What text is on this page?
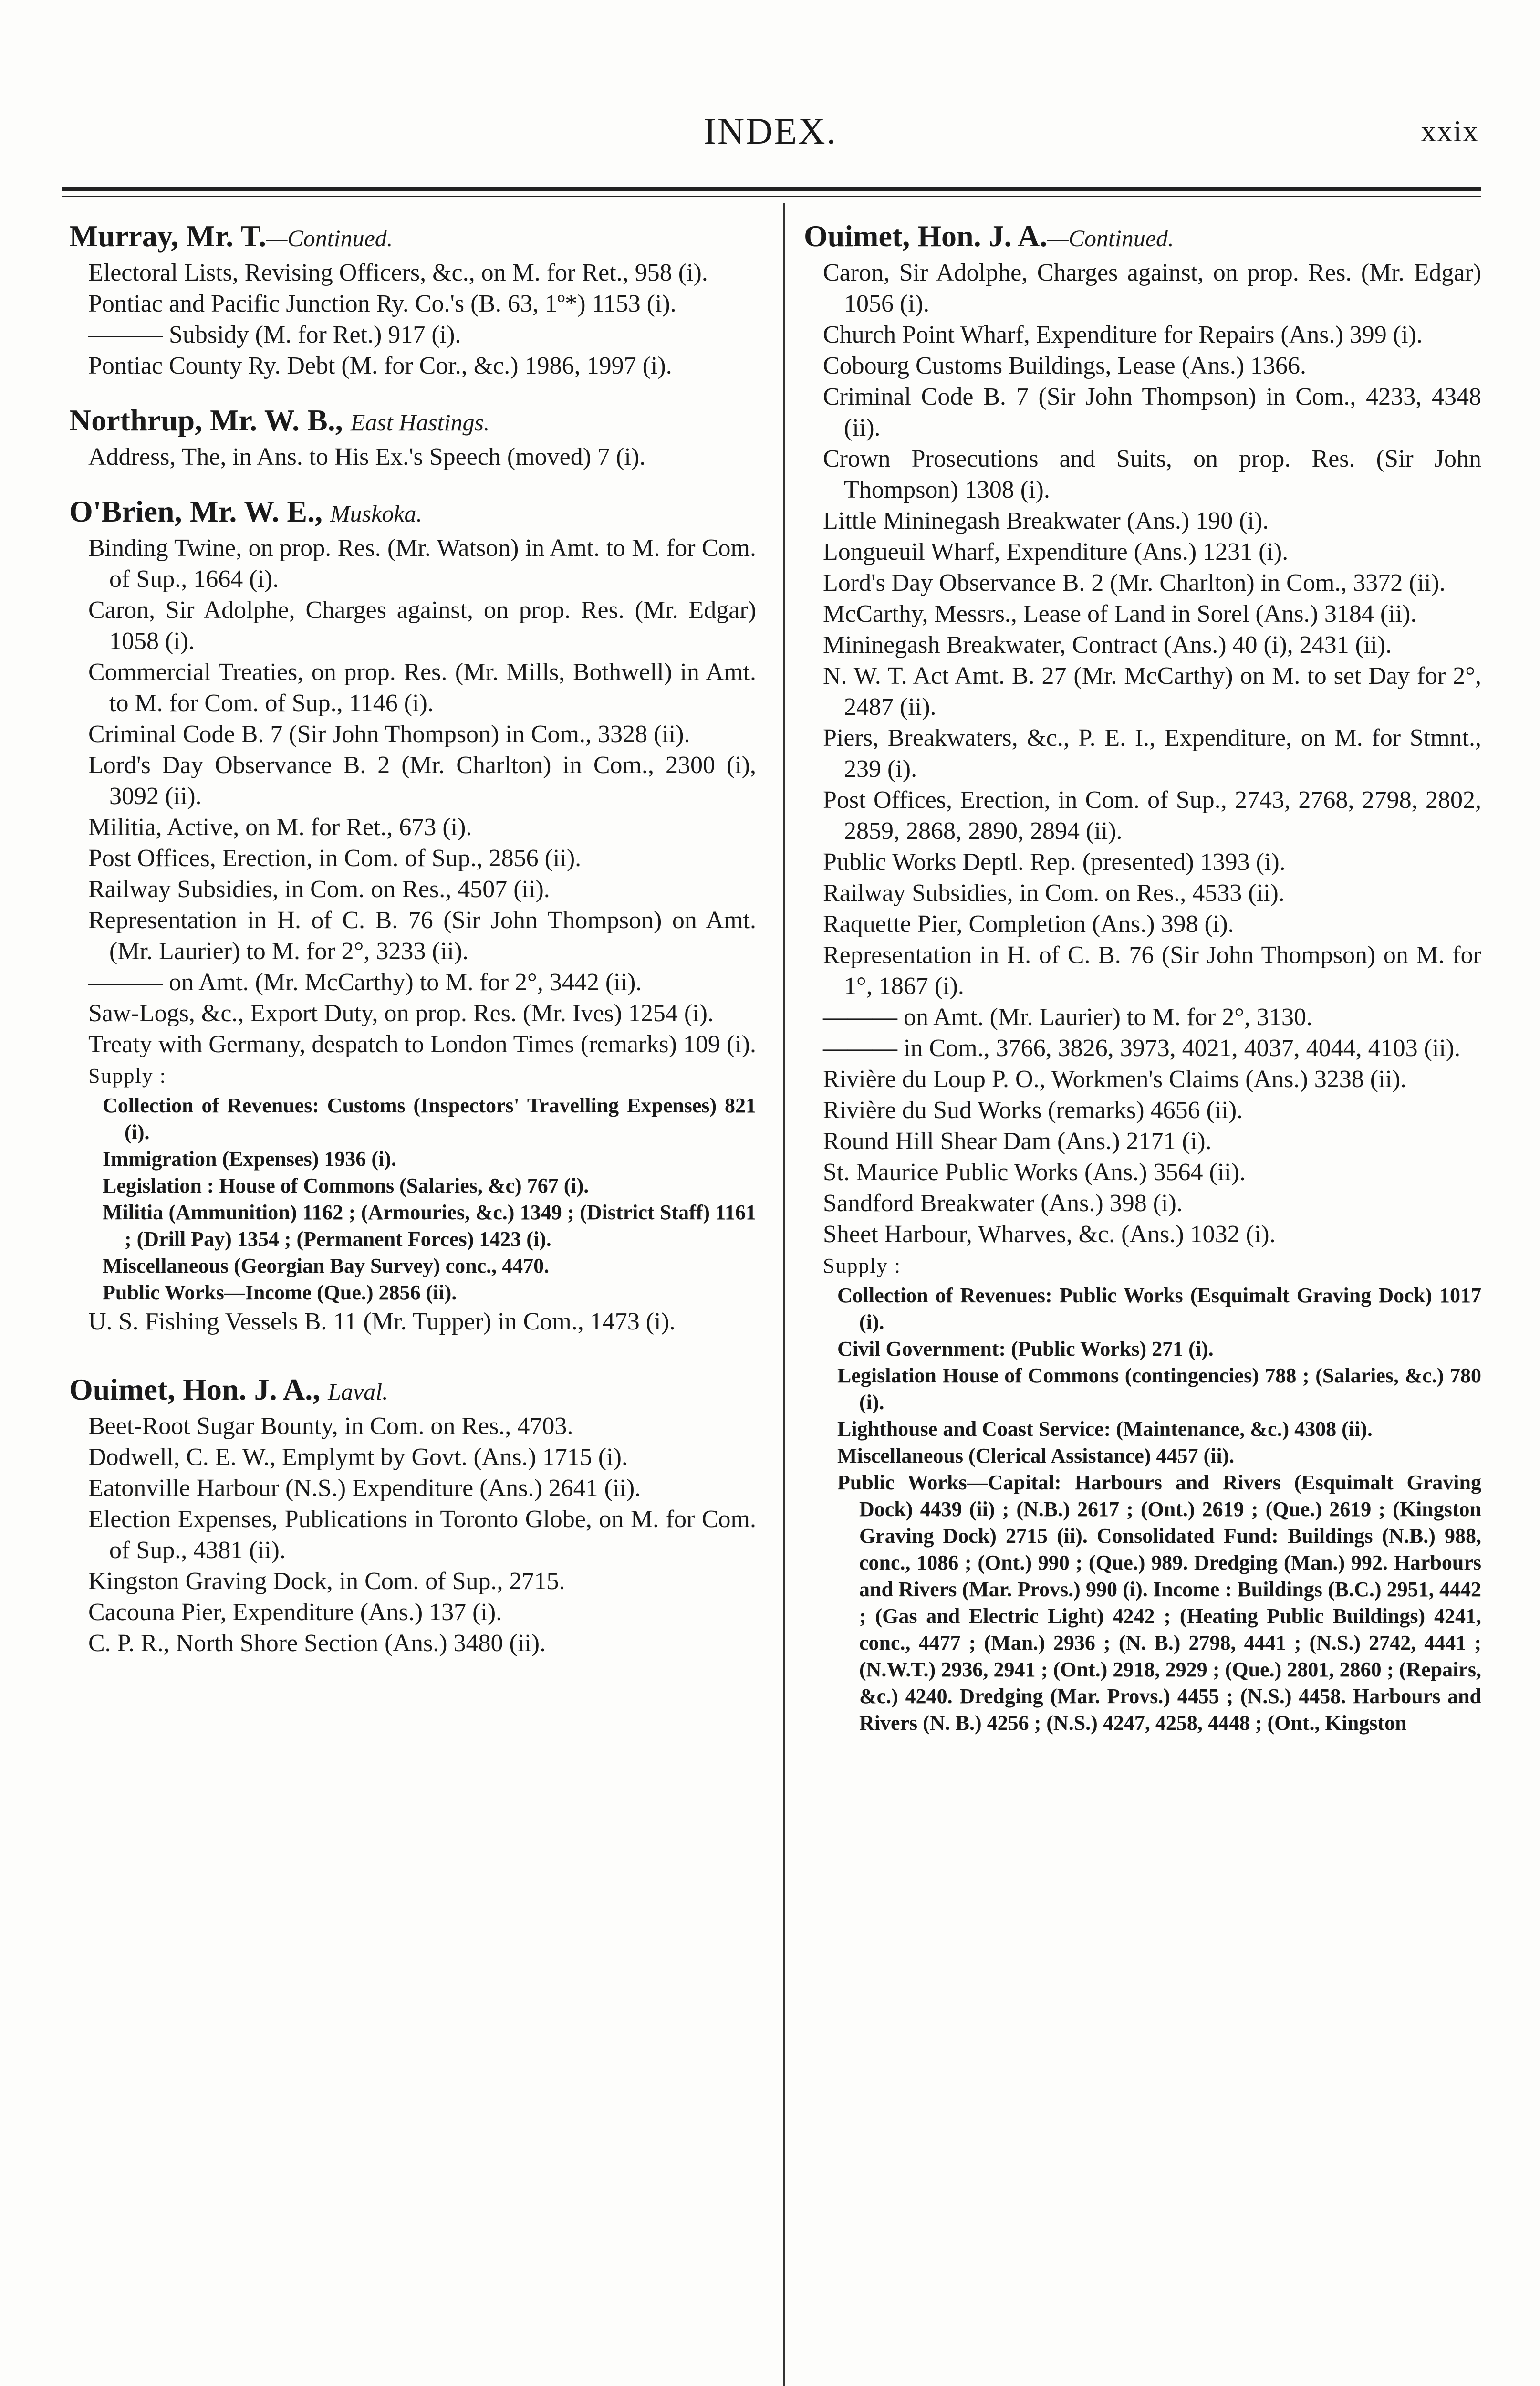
INDEX.	xxix

Murray, Mr. T.—Continued.

Electoral Lists, Revising Officers, &c., on M. for Ret., 958 (i).

Pontiac and Pacific Junction Ry. Co.'s (B. 63, 1º*) 1153 (i).

——— Subsidy (M. for Ret.) 917 (i).

Pontiac County Ry. Debt (M. for Cor., &c.) 1986, 1997 (i).

Northrup, Mr. W. B., East Hastings.

Address, The, in Ans. to His Ex.'s Speech (moved) 7 (i).

O'Brien, Mr. W. E., Muskoka.

Binding Twine, on prop. Res. (Mr. Watson) in Amt. to M. for Com. of Sup., 1664 (i).

Caron, Sir Adolphe, Charges against, on prop. Res. (Mr. Edgar) 1058 (i).

Commercial Treaties, on prop. Res. (Mr. Mills, Bothwell) in Amt. to M. for Com. of Sup., 1146 (i).

Criminal Code B. 7 (Sir John Thompson) in Com., 3328 (ii).

Lord's Day Observance B. 2 (Mr. Charlton) in Com., 2300 (i), 3092 (ii).

Militia, Active, on M. for Ret., 673 (i).

Post Offices, Erection, in Com. of Sup., 2856 (ii).

Railway Subsidies, in Com. on Res., 4507 (ii).

Representation in H. of C. B. 76 (Sir John Thompson) on Amt. (Mr. Laurier) to M. for 2°, 3233 (ii).

——— on Amt. (Mr. McCarthy) to M. for 2°, 3442 (ii).

Saw-Logs, &c., Export Duty, on prop. Res. (Mr. Ives) 1254 (i).

Treaty with Germany, despatch to London Times (remarks) 109 (i).

Supply :

Collection of Revenues: Customs (Inspectors' Travelling Expenses) 821 (i).

Immigration (Expenses) 1936 (i).

Legislation : House of Commons (Salaries, &c) 767 (i).

Militia (Ammunition) 1162 ; (Armouries, &c.) 1349 ; (District Staff) 1161 ; (Drill Pay) 1354 ; (Permanent Forces) 1423 (i).

Miscellaneous (Georgian Bay Survey) conc., 4470.

Public Works—Income (Que.) 2856 (ii).

U. S. Fishing Vessels B. 11 (Mr. Tupper) in Com., 1473 (i).

Ouimet, Hon. J. A., Laval.

Beet-Root Sugar Bounty, in Com. on Res., 4703.

Dodwell, C. E. W., Emplymt by Govt. (Ans.) 1715 (i).

Eatonville Harbour (N.S.) Expenditure (Ans.) 2641 (ii).

Election Expenses, Publications in Toronto Globe, on M. for Com. of Sup., 4381 (ii).

Kingston Graving Dock, in Com. of Sup., 2715.

Cacouna Pier, Expenditure (Ans.) 137 (i).

C. P. R., North Shore Section (Ans.) 3480 (ii).

Ouimet, Hon. J. A.—Continued.

Caron, Sir Adolphe, Charges against, on prop. Res. (Mr. Edgar) 1056 (i).

Church Point Wharf, Expenditure for Repairs (Ans.) 399 (i).

Cobourg Customs Buildings, Lease (Ans.) 1366.

Criminal Code B. 7 (Sir John Thompson) in Com., 4233, 4348 (ii).

Crown Prosecutions and Suits, on prop. Res. (Sir John Thompson) 1308 (i).

Little Mininegash Breakwater (Ans.) 190 (i).

Longueuil Wharf, Expenditure (Ans.) 1231 (i).

Lord's Day Observance B. 2 (Mr. Charlton) in Com., 3372 (ii).

McCarthy, Messrs., Lease of Land in Sorel (Ans.) 3184 (ii).

Mininegash Breakwater, Contract (Ans.) 40 (i), 2431 (ii).

N. W. T. Act Amt. B. 27 (Mr. McCarthy) on M. to set Day for 2°, 2487 (ii).

Piers, Breakwaters, &c., P. E. I., Expenditure, on M. for Stmnt., 239 (i).

Post Offices, Erection, in Com. of Sup., 2743, 2768, 2798, 2802, 2859, 2868, 2890, 2894 (ii).

Public Works Deptl. Rep. (presented) 1393 (i).

Railway Subsidies, in Com. on Res., 4533 (ii).

Raquette Pier, Completion (Ans.) 398 (i).

Representation in H. of C. B. 76 (Sir John Thompson) on M. for 1°, 1867 (i).

——— on Amt. (Mr. Laurier) to M. for 2°, 3130.

——— in Com., 3766, 3826, 3973, 4021, 4037, 4044, 4103 (ii).

Rivière du Loup P. O., Workmen's Claims (Ans.) 3238 (ii).

Rivière du Sud Works (remarks) 4656 (ii).

Round Hill Shear Dam (Ans.) 2171 (i).

St. Maurice Public Works (Ans.) 3564 (ii).

Sandford Breakwater (Ans.) 398 (i).

Sheet Harbour, Wharves, &c. (Ans.) 1032 (i).

Supply :

Collection of Revenues: Public Works (Esquimalt Graving Dock) 1017 (i).

Civil Government: (Public Works) 271 (i).

Legislation House of Commons (contingencies) 788 ; (Salaries, &c.) 780 (i).

Lighthouse and Coast Service: (Maintenance, &c.) 4308 (ii).

Miscellaneous (Clerical Assistance) 4457 (ii).

Public Works—Capital: Harbours and Rivers (Esquimalt Graving Dock) 4439 (ii) ; (N.B.) 2617 ; (Ont.) 2619 ; (Que.) 2619 ; (Kingston Graving Dock) 2715 (ii). Consolidated Fund: Buildings (N.B.) 988, conc., 1086 ; (Ont.) 990 ; (Que.) 989. Dredging (Man.) 992. Harbours and Rivers (Mar. Provs.) 990 (i). Income : Buildings (B.C.) 2951, 4442 ; (Gas and Electric Light) 4242 ; (Heating Public Buildings) 4241, conc., 4477 ; (Man.) 2936 ; (N. B.) 2798, 4441 ; (N.S.) 2742, 4441 ; (N.W.T.) 2936, 2941 ; (Ont.) 2918, 2929 ; (Que.) 2801, 2860 ; (Repairs, &c.) 4240. Dredging (Mar. Provs.) 4455 ; (N.S.) 4458. Harbours and Rivers (N. B.) 4256 ; (N.S.) 4247, 4258, 4448 ; (Ont., Kingston
